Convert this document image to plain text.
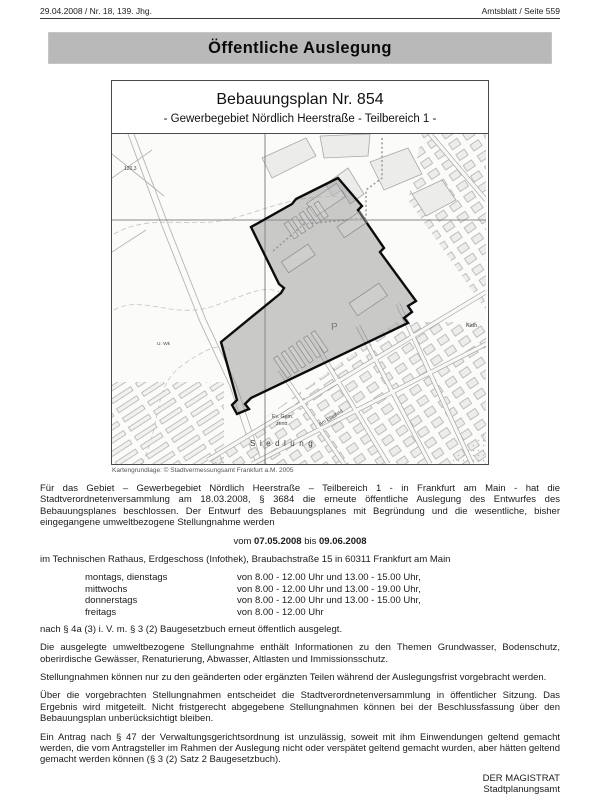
29.04.2008 / Nr. 18, 139. Jhg.	Amtsblatt / Seite 559
Öffentliche Auslegung
Bebauungsplan Nr. 854
- Gewerbegebiet Nördlich Heerstraße - Teilbereich 1 -
120,3
U. Wk
P
Ev. Gem.
zentr.
Siedlung
Kath.
Am Ebelfeld
Kartengrundlage: © Stadtvermessungsamt Frankfurt a.M. 2005

Für das Gebiet – Gewerbegebiet Nördlich Heerstraße – Teilbereich 1 - in Frankfurt am Main - hat die Stadtverordnetenversammlung am 18.03.2008, § 3684 die erneute öffentliche Auslegung des Entwurfes des Bebauungsplanes beschlossen. Der Entwurf des Bebauungsplanes mit Begründung und die wesentliche, bisher eingegangene umweltbezogene Stellungnahme werden

vom 07.05.2008 bis 09.06.2008

im Technischen Rathaus, Erdgeschoss (Infothek), Braubachstraße 15 in 60311 Frankfurt am Main

montags, dienstags	von 8.00 - 12.00 Uhr und 13.00 - 15.00 Uhr,
mittwochs	von 8.00 - 12.00 Uhr und 13.00 - 19.00 Uhr,
donnerstags	von 8.00 - 12.00 Uhr und 13.00 - 15.00 Uhr,
freitags	von 8.00 - 12.00 Uhr

nach § 4a (3) i. V. m. § 3 (2) Baugesetzbuch erneut öffentlich ausgelegt.

Die ausgelegte umweltbezogene Stellungnahme enthält Informationen zu den Themen Grundwasser, Bodenschutz, oberirdische Gewässer, Renaturierung, Abwasser, Altlasten und Immissionsschutz.

Stellungnahmen können nur zu den geänderten oder ergänzten Teilen während der Auslegungsfrist vorgebracht werden.

Über die vorgebrachten Stellungnahmen entscheidet die Stadtverordnetenversammlung in öffentlicher Sitzung. Das Ergebnis wird mitgeteilt. Nicht fristgerecht abgegebene Stellungnahmen können bei der Beschlussfassung über den Bebauungsplan unberücksichtigt bleiben.

Ein Antrag nach § 47 der Verwaltungsgerichtsordnung ist unzulässig, soweit mit ihm Einwendungen geltend gemacht werden, die vom Antragsteller im Rahmen der Auslegung nicht oder verspätet geltend gemacht wurden, aber hätten geltend gemacht werden können (§ 3 (2) Satz 2 Baugesetzbuch).

DER MAGISTRAT
Stadtplanungsamt
